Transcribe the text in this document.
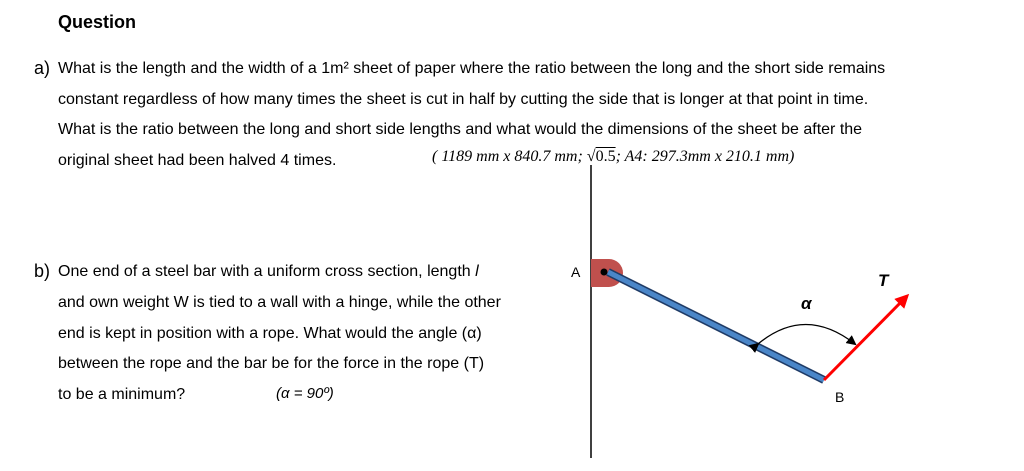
Question
a) What is the length and the width of a 1m² sheet of paper where the ratio between the long and the short side remains
constant regardless of how many times the sheet is cut in half by cutting the side that is longer at that point in time.
What is the ratio between the long and short side lengths and what would the dimensions of the sheet be after the
original sheet had been halved 4 times.	( 1189 mm x 840.7 mm; √0.5; A4: 297.3mm x 210.1 mm)
b) One end of a steel bar with a uniform cross section, length l
and own weight W is tied to a wall with a hinge, while the other
end is kept in position with a rope. What would the angle (α)
between the rope and the bar be for the force in the rope (T)
to be a minimum?	(α = 90º)
A
B
α
T
